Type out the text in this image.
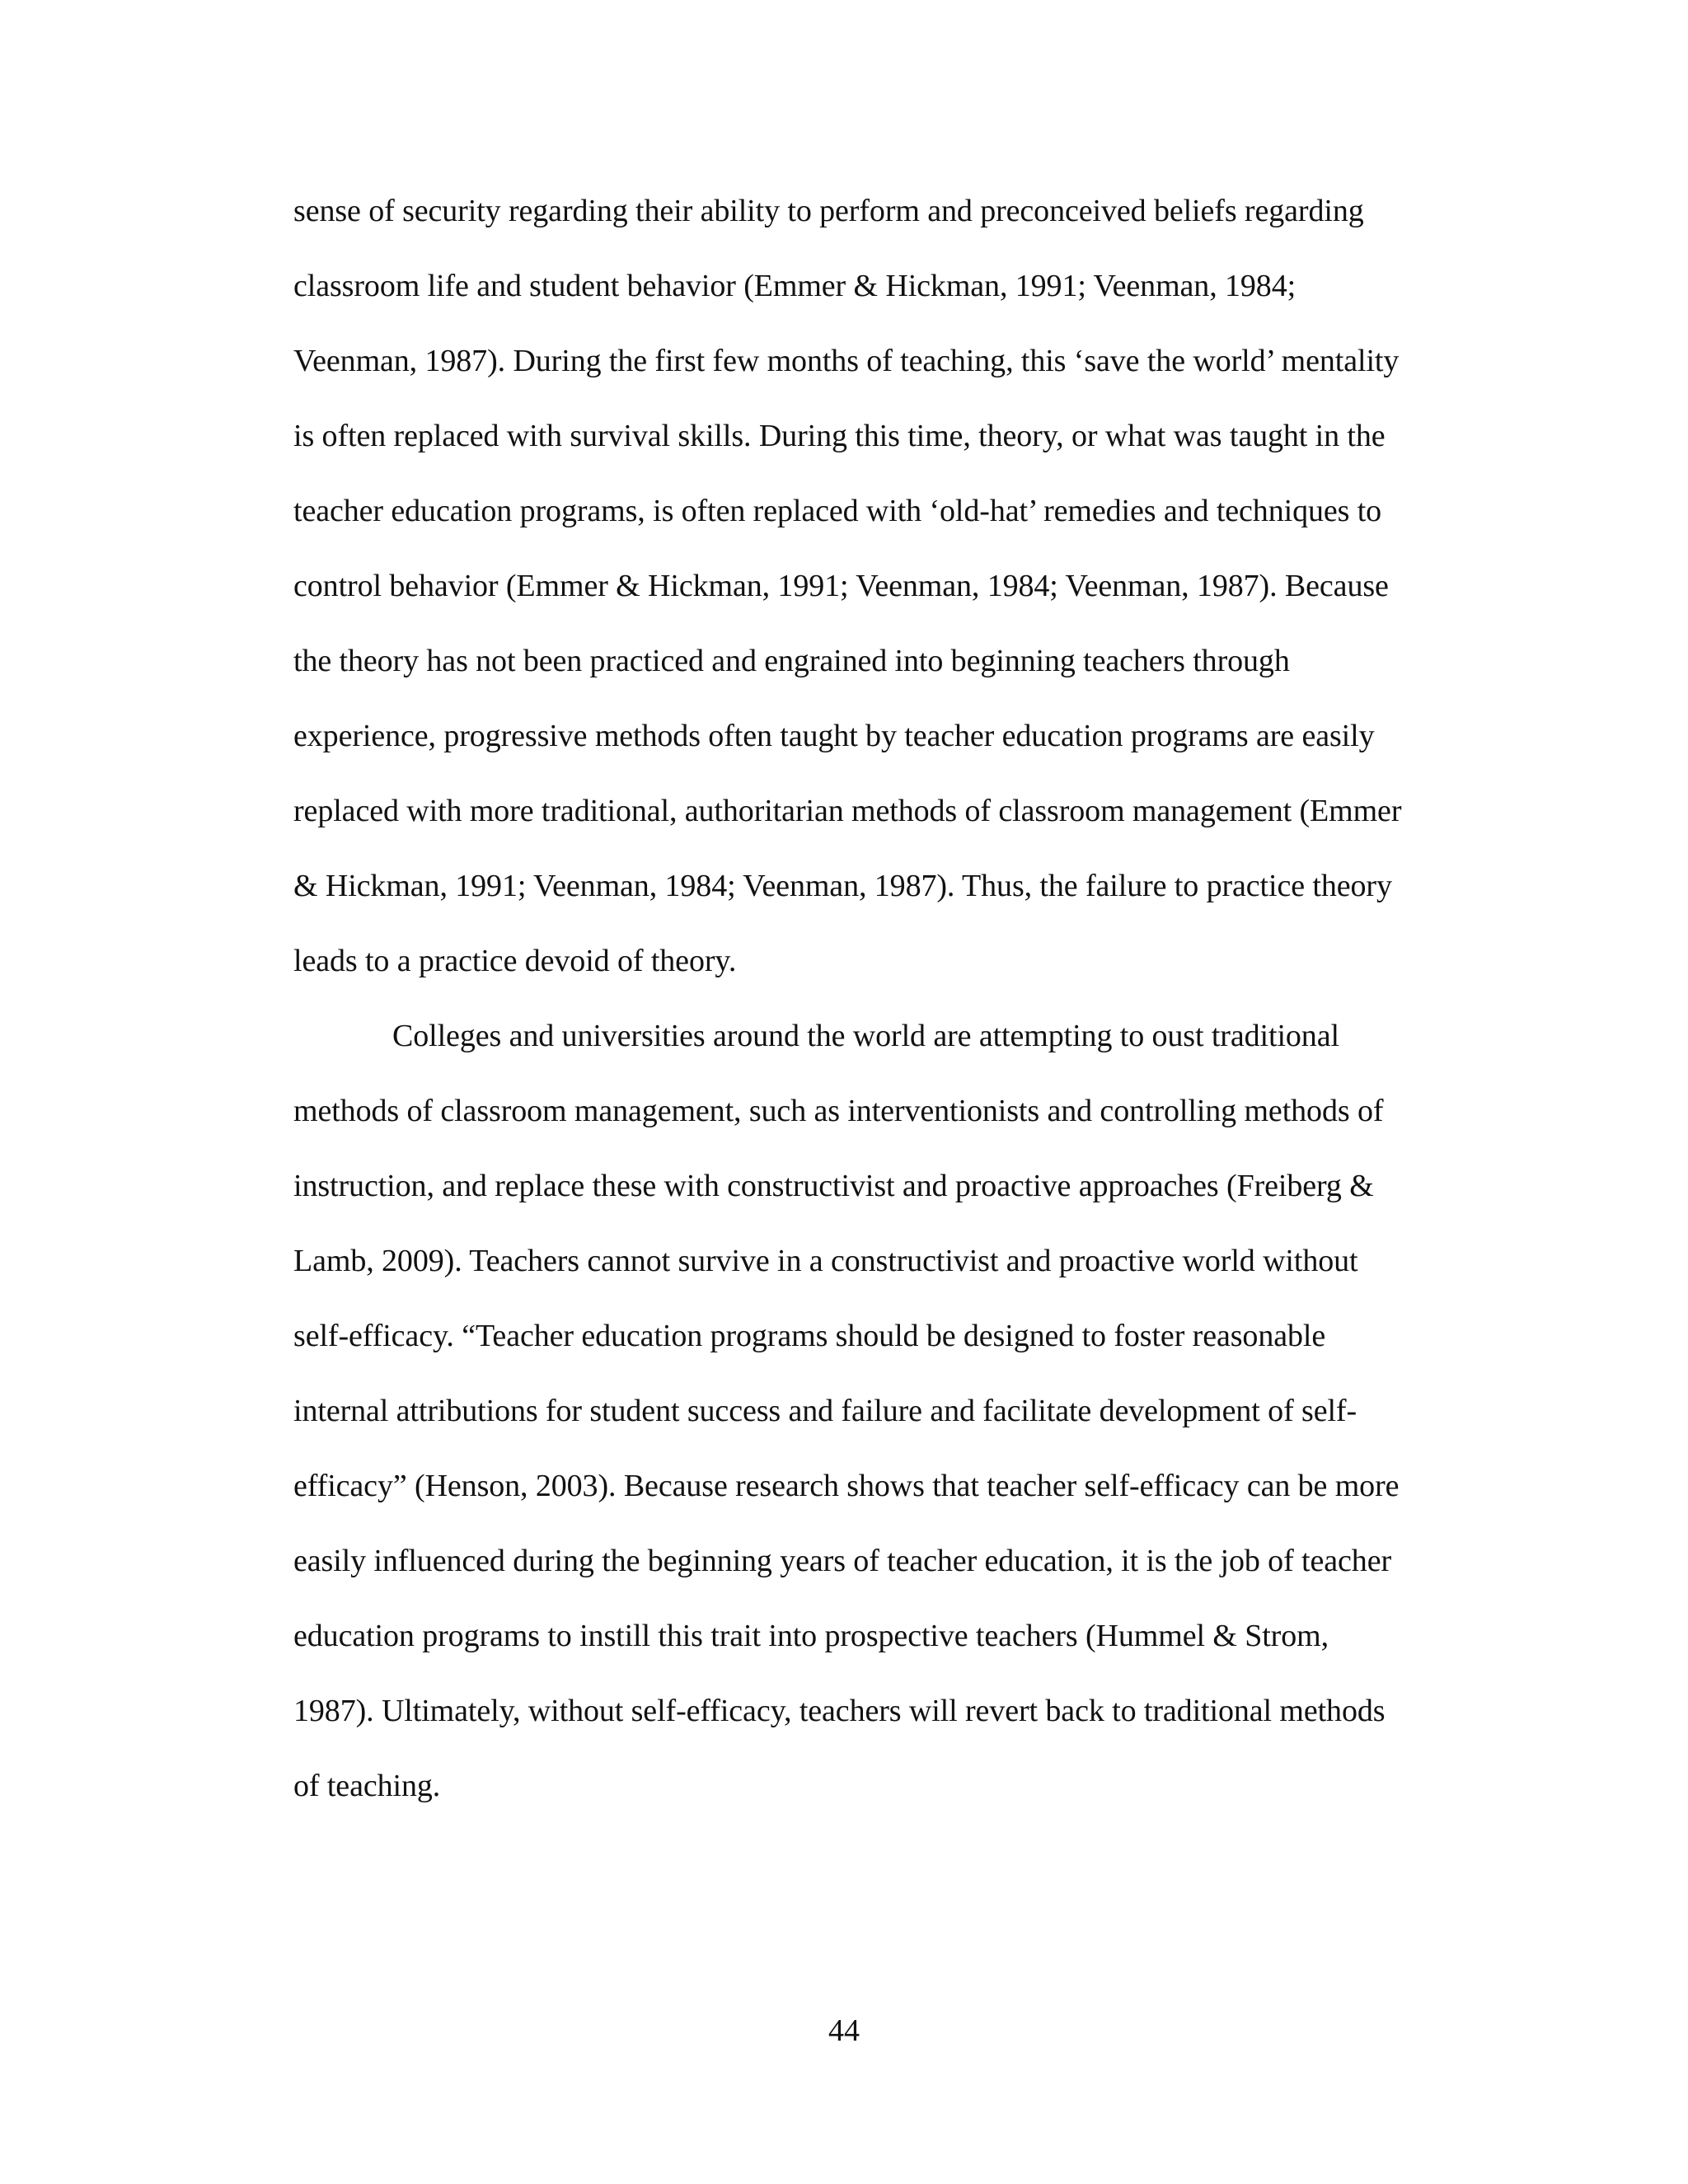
sense of security regarding their ability to perform and preconceived beliefs regarding
classroom life and student behavior (Emmer & Hickman, 1991; Veenman, 1984;
Veenman, 1987). During the first few months of teaching, this ‘save the world’ mentality
is often replaced with survival skills. During this time, theory, or what was taught in the
teacher education programs, is often replaced with ‘old-hat’ remedies and techniques to
control behavior (Emmer & Hickman, 1991; Veenman, 1984; Veenman, 1987). Because
the theory has not been practiced and engrained into beginning teachers through
experience, progressive methods often taught by teacher education programs are easily
replaced with more traditional, authoritarian methods of classroom management (Emmer
& Hickman, 1991; Veenman, 1984; Veenman, 1987). Thus, the failure to practice theory
leads to a practice devoid of theory.
Colleges and universities around the world are attempting to oust traditional
methods of classroom management, such as interventionists and controlling methods of
instruction, and replace these with constructivist and proactive approaches (Freiberg &
Lamb, 2009). Teachers cannot survive in a constructivist and proactive world without
self-efficacy. “Teacher education programs should be designed to foster reasonable
internal attributions for student success and failure and facilitate development of self-
efficacy” (Henson, 2003). Because research shows that teacher self-efficacy can be more
easily influenced during the beginning years of teacher education, it is the job of teacher
education programs to instill this trait into prospective teachers (Hummel & Strom,
1987). Ultimately, without self-efficacy, teachers will revert back to traditional methods
of teaching.
44
